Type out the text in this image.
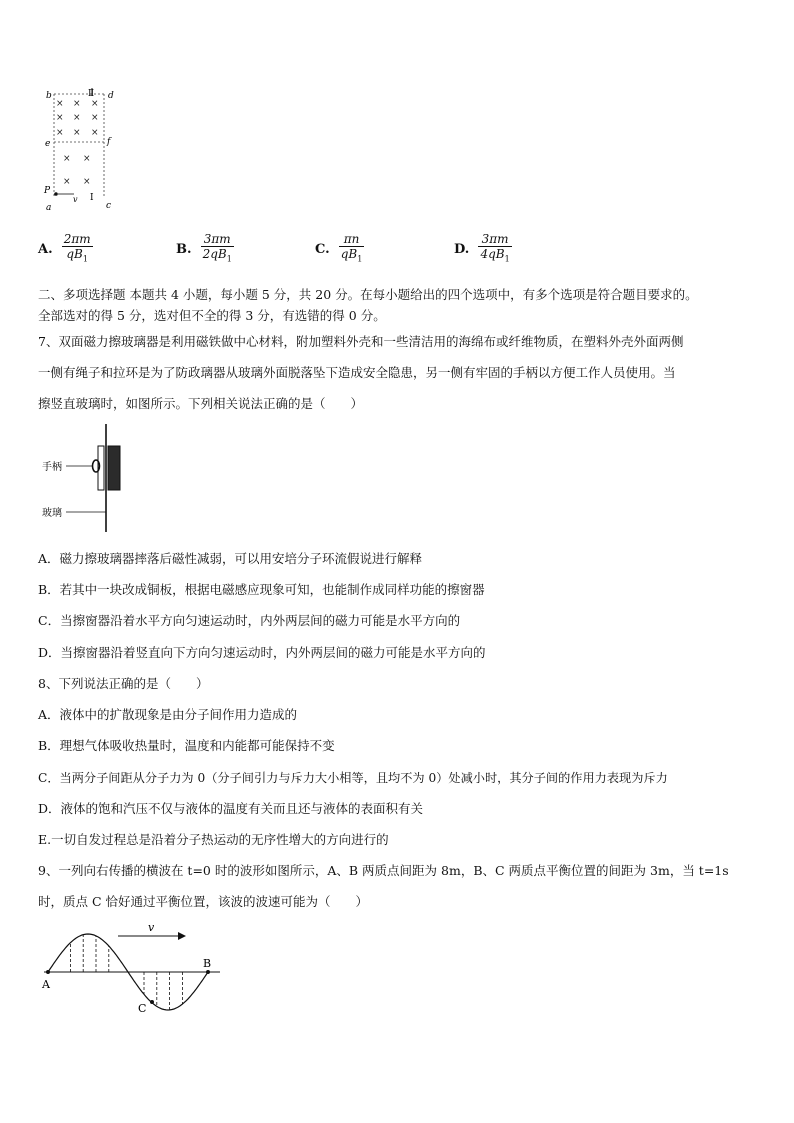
× × ×
× × ×
× × ×
× ×
× ×
b	Ⅱ d
e	f
P
v Ⅰ
a	c
A. $\frac{2\pi m}{qB_1}$	B. $\frac{3\pi m}{2qB_1}$	C. $\frac{\pi n}{qB_1}$	D. $\frac{3\pi m}{4qB_1}$
二、多项选择题 本题共 4 小题，每小题 5 分，共 20 分。在每小题给出的四个选项中，有多个选项是符合题目要求的。
全部选对的得 5 分，选对但不全的得 3 分，有选错的得 0 分。
7、双面磁力擦玻璃器是利用磁铁做中心材料，附加塑料外壳和一些清洁用的海绵布或纤维物质，在塑料外壳外面两侧
一侧有绳子和拉环是为了防政璃器从玻璃外面脱落坠下造成安全隐患，另一侧有牢固的手柄以方便工作人员使用。当
擦竖直玻璃时，如图所示。下列相关说法正确的是（　　）
手柄
玻璃
A．磁力擦玻璃器摔落后磁性减弱，可以用安培分子环流假说进行解释
B．若其中一块改成铜板，根据电磁感应现象可知，也能制作成同样功能的擦窗器
C．当擦窗器沿着水平方向匀速运动时，内外两层间的磁力可能是水平方向的
D．当擦窗器沿着竖直向下方向匀速运动时，内外两层间的磁力可能是水平方向的
8、下列说法正确的是（　　）
A．液体中的扩散现象是由分子间作用力造成的
B．理想气体吸收热量时，温度和内能都可能保持不变
C．当两分子间距从分子力为 0（分子间引力与斥力大小相等，且均不为 0）处减小时，其分子间的作用力表现为斥力
D．液体的饱和汽压不仅与液体的温度有关而且还与液体的表面积有关
E.一切自发过程总是沿着分子热运动的无序性增大的方向进行的
9、一列向右传播的横波在 t=0 时的波形如图所示，A、B 两质点间距为 8m，B、C 两质点平衡位置的间距为 3m，当 t=1s
时，质点 C 恰好通过平衡位置，该波的波速可能为（　　）
v
A
B
C
